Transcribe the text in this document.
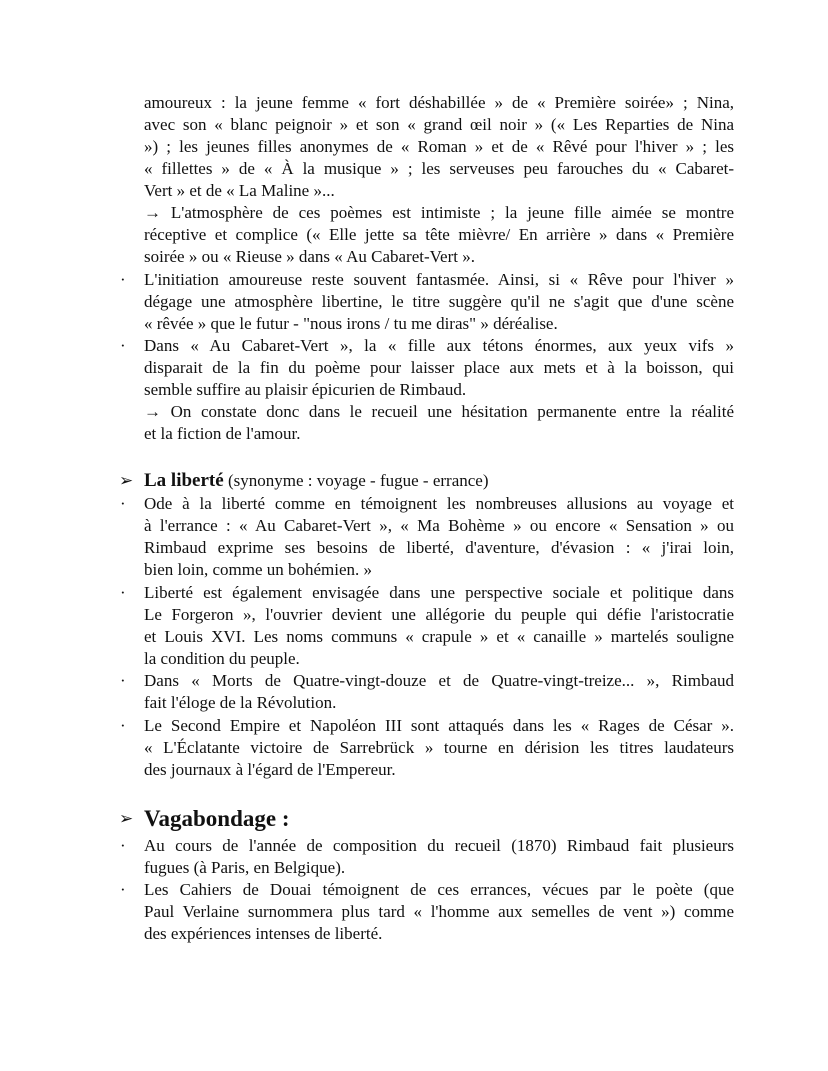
amoureux : la jeune femme « fort déshabillée » de « Première soirée» ; Nina,
avec son « blanc peignoir » et son « grand œil noir » (« Les Reparties de Nina
») ; les jeunes filles anonymes de « Roman » et de « Rêvé pour l'hiver » ; les
« fillettes » de « À la musique » ; les serveuses peu farouches du « Cabaret-
Vert » et de « La Maline »...
→ L'atmosphère de ces poèmes est intimiste ; la jeune fille aimée se montre
réceptive et complice (« Elle jette sa tête mièvre/ En arrière » dans « Première
soirée » ou « Rieuse » dans « Au Cabaret-Vert ».
· L'initiation amoureuse reste souvent fantasmée. Ainsi, si « Rêve pour l'hiver »
dégage une atmosphère libertine, le titre suggère qu'il ne s'agit que d'une scène
« rêvée » que le futur - "nous irons / tu me diras" » déréalise.
· Dans « Au Cabaret-Vert », la « fille aux tétons énormes, aux yeux vifs »
disparait de la fin du poème pour laisser place aux mets et à la boisson, qui
semble suffire au plaisir épicurien de Rimbaud.
→ On constate donc dans le recueil une hésitation permanente entre la réalité
et la fiction de l'amour.
➢ La liberté (synonyme : voyage - fugue - errance)
· Ode à la liberté comme en témoignent les nombreuses allusions au voyage et
à l'errance : « Au Cabaret-Vert », « Ma Bohème » ou encore « Sensation » ou
Rimbaud exprime ses besoins de liberté, d'aventure, d'évasion : « j'irai loin,
bien loin, comme un bohémien. »
· Liberté est également envisagée dans une perspective sociale et politique dans
Le Forgeron », l'ouvrier devient une allégorie du peuple qui défie l'aristocratie
et Louis XVI. Les noms communs « crapule » et « canaille » martelés souligne
la condition du peuple.
· Dans « Morts de Quatre-vingt-douze et de Quatre-vingt-treize... », Rimbaud
fait l'éloge de la Révolution.
· Le Second Empire et Napoléon III sont attaqués dans les « Rages de César ».
« L'Éclatante victoire de Sarrebrück » tourne en dérision les titres laudateurs
des journaux à l'égard de l'Empereur.
➢ Vagabondage :
· Au cours de l'année de composition du recueil (1870) Rimbaud fait plusieurs
fugues (à Paris, en Belgique).
· Les Cahiers de Douai témoignent de ces errances, vécues par le poète (que
Paul Verlaine surnommera plus tard « l'homme aux semelles de vent ») comme
des expériences intenses de liberté.
